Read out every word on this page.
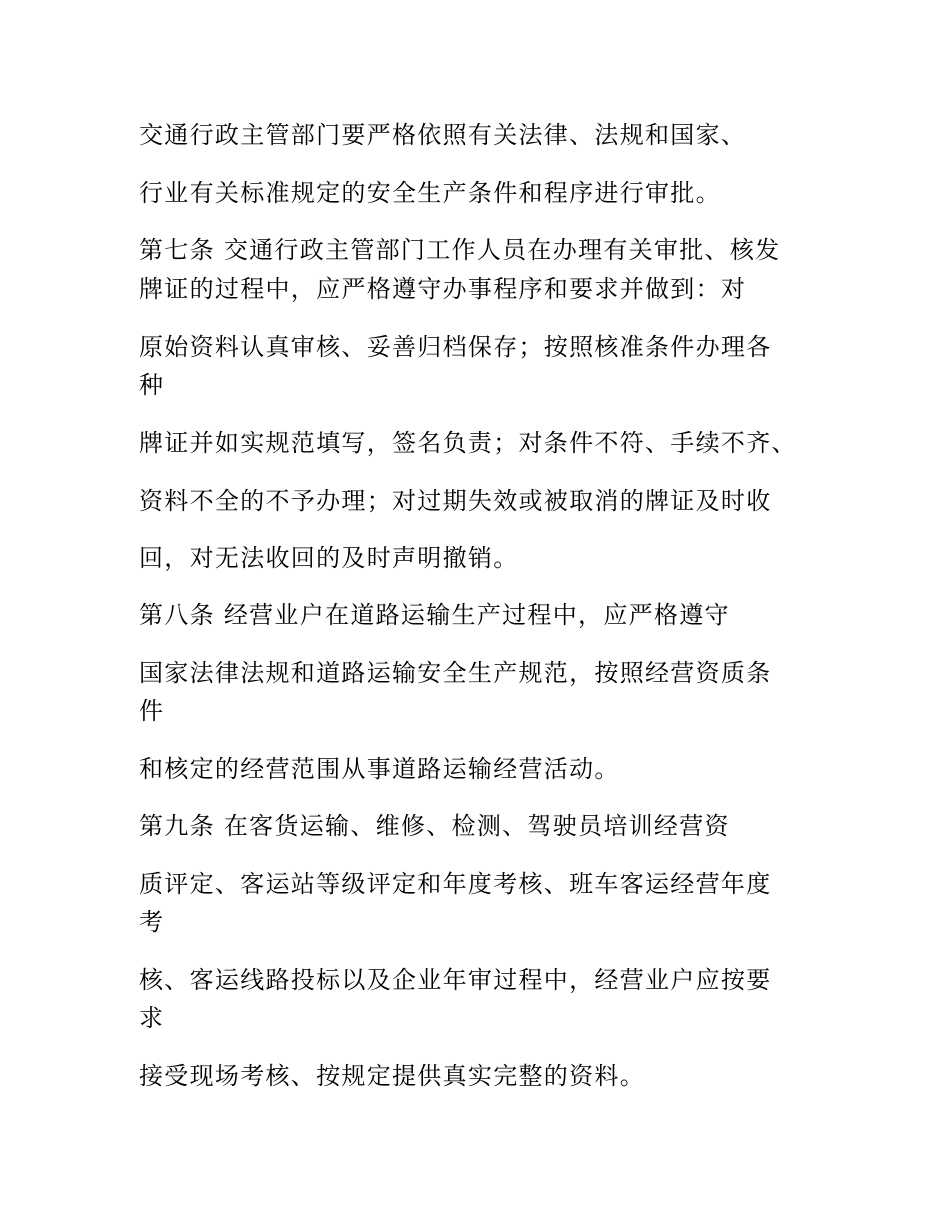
交通行政主管部门要严格依照有关法律、法规和国家、

行业有关标准规定的安全生产条件和程序进行审批。

第七条 交通行政主管部门工作人员在办理有关审批、核发

牌证的过程中，应严格遵守办事程序和要求并做到：对

原始资料认真审核、妥善归档保存；按照核准条件办理各

种

牌证并如实规范填写，签名负责；对条件不符、手续不齐、

资料不全的不予办理；对过期失效或被取消的牌证及时收

回，对无法收回的及时声明撤销。

第八条 经营业户在道路运输生产过程中，应严格遵守

国家法律法规和道路运输安全生产规范，按照经营资质条

件

和核定的经营范围从事道路运输经营活动。

第九条 在客货运输、维修、检测、驾驶员培训经营资

质评定、客运站等级评定和年度考核、班车客运经营年度

考

核、客运线路投标以及企业年审过程中，经营业户应按要

求

接受现场考核、按规定提供真实完整的资料。
